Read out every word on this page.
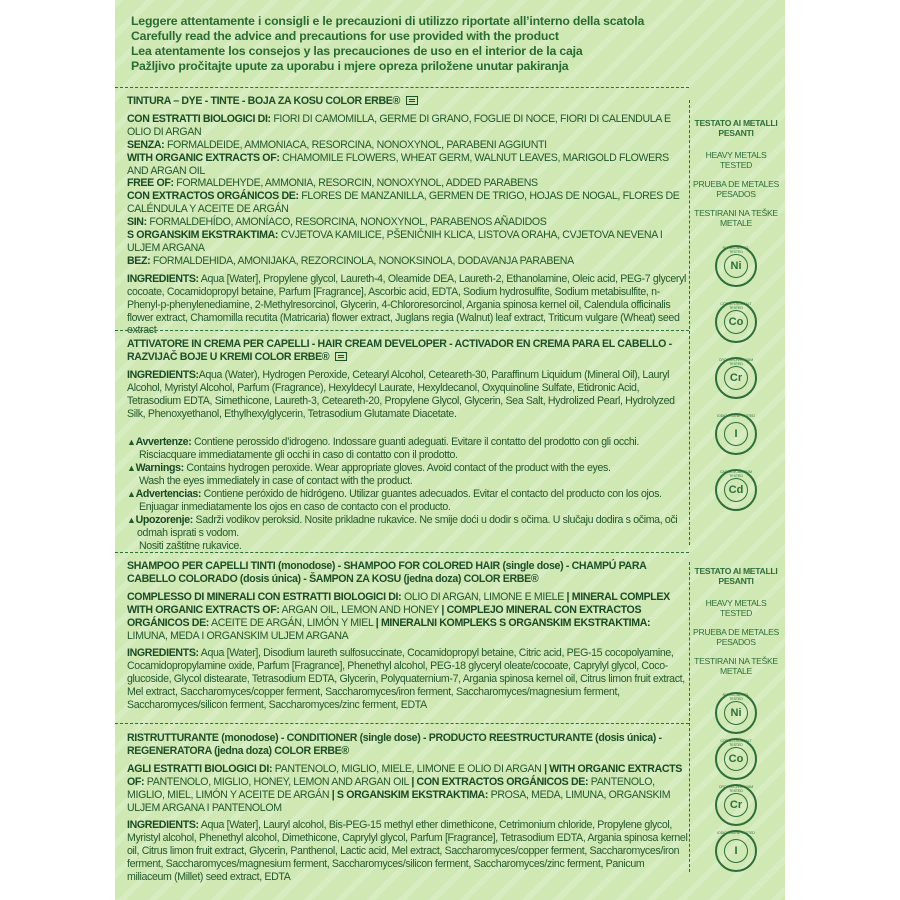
Leggere attentamente i consigli e le precauzioni di utilizzo riportate all’interno della scatola
Carefully read the advice and precautions for use provided with the product
Lea atentamente los consejos y las precauciones de uso en el interior de la caja
Pažljivo pročitajte upute za uporabu i mjere opreza priložene unutar pakiranja

TINTURA – DYE - TINTE - BOJA ZA KOSU COLOR ERBE®

CON ESTRATTI BIOLOGICI DI: FIORI DI CAMOMILLA, GERME DI GRANO, FOGLIE DI NOCE, FIORI DI CALENDULA E OLIO DI ARGAN

SENZA: FORMALDEIDE, AMMONIACA, RESORCINA, NONOXYNOL, PARABENI AGGIUNTI

WITH ORGANIC EXTRACTS OF: CHAMOMILE FLOWERS, WHEAT GERM, WALNUT LEAVES, MARIGOLD FLOWERS AND ARGAN OIL

FREE OF: FORMALDEHYDE, AMMONIA, RESORCIN, NONOXYNOL, ADDED PARABENS

CON EXTRACTOS ORGÁNICOS DE: FLORES DE MANZANILLA, GERMEN DE TRIGO, HOJAS DE NOGAL, FLORES DE CALÉNDULA Y ACEITE DE ARGÁN

SIN: FORMALDEHÍDO, AMONÍACO, RESORCINA, NONOXYNOL, PARABENOS AÑADIDOS

S ORGANSKIM EKSTRAKTIMA: CVJETOVA KAMILICE, PŠENIČNIH KLICA, LISTOVA ORAHA, CVJETOVA NEVENA I ULJEM ARGANA

BEZ: FORMALDEHIDA, AMONIJAKA, REZORCINOLA, NONOKSINOLA, DODAVANJA PARABENA

INGREDIENTS: Aqua [Water], Propylene glycol, Laureth-4, Oleamide DEA, Laureth-2, Ethanolamine, Oleic acid, PEG-7 glyceryl cocoate, Cocamidopropyl betaine, Parfum [Fragrance], Ascorbic acid, EDTA, Sodium hydrosulfite, Sodium metabisulfite, n-Phenyl-p-phenylenediamine, 2-Methylresorcinol, Glycerin, 4-Chlororesorcinol, Argania spinosa kernel oil, Calendula officinalis flower extract, Chamomilla recutita (Matricaria) flower extract, Juglans regia (Walnut) leaf extract, Triticum vulgare (Wheat) seed extract

ATTIVATORE IN CREMA PER CAPELLI - HAIR CREAM DEVELOPER - ACTIVADOR EN CREMA PARA EL CABELLO - RAZVIJAČ BOJE U KREMI COLOR ERBE®

INGREDIENTS:Aqua (Water), Hydrogen Peroxide, Cetearyl Alcohol, Ceteareth-30, Paraffinum Liquidum (Mineral Oil), Lauryl Alcohol, Myristyl Alcohol, Parfum (Fragrance), Hexyldecyl Laurate, Hexyldecanol, Oxyquinoline Sulfate, Etidronic Acid, Tetrasodium EDTA, Simethicone, Laureth-3, Ceteareth-20, Propylene Glycol, Glycerin, Sea Salt, Hydrolized Pearl, Hydrolyzed Silk, Phenoxyethanol, Ethylhexylglycerin, Tetrasodium Glutamate Diacetate.

▲Avvertenze: Contiene perossido d’idrogeno. Indossare guanti adeguati. Evitare il contatto del prodotto con gli occhi.

Risciacquare immediatamente gli occhi in caso di contatto con il prodotto.

▲Warnings: Contains hydrogen peroxide. Wear appropriate gloves. Avoid contact of the product with the eyes.

Wash the eyes immediately in case of contact with the product.

▲Advertencias: Contiene peróxido de hidrógeno. Utilizar guantes adecuados. Evitar el contacto del producto con los ojos.

Enjuagar inmediatamente los ojos en caso de contacto con el producto.

▲Upozorenje: Sadrži vodikov peroksid. Nosite prikladne rukavice. Ne smije doći u dodir s očima. U slučaju dodira s očima, oči odmah isprati s vodom.

Nositi zaštitne rukavice.

SHAMPOO PER CAPELLI TINTI (monodose) - SHAMPOO FOR COLORED HAIR (single dose) - CHAMPÚ PARA CABELLO COLORADO (dosis única) - ŠAMPON ZA KOSU (jedna doza) COLOR ERBE®

COMPLESSO DI MINERALI CON ESTRATTI BIOLOGICI DI: OLIO DI ARGAN, LIMONE E MIELE | MINERAL COMPLEX WITH ORGANIC EXTRACTS OF: ARGAN OIL, LEMON AND HONEY | COMPLEJO MINERAL CON EXTRACTOS ORGÁNICOS DE: ACEITE DE ARGÁN, LIMÓN Y MIEL | MINERALNI KOMPLEKS S ORGANSKIM EKSTRAKTIMA: LIMUNA, MEDA I ORGANSKIM ULJEM ARGANA

INGREDIENTS: Aqua [Water], Disodium laureth sulfosuccinate, Cocamidopropyl betaine, Citric acid, PEG-15 cocopolyamine, Cocamidopropylamine oxide, Parfum [Fragrance], Phenethyl alcohol, PEG-18 glyceryl oleate/cocoate, Caprylyl glycol, Coco-glucoside, Glycol distearate, Tetrasodium EDTA, Glycerin, Polyquaternium-7, Argania spinosa kernel oil, Citrus limon fruit extract, Mel extract, Saccharomyces/copper ferment, Saccharomyces/iron ferment, Saccharomyces/magnesium ferment, Saccharomyces/silicon ferment, Saccharomyces/zinc ferment, EDTA

RISTRUTTURANTE (monodose) - CONDITIONER (single dose) - PRODUCTO REESTRUCTURANTE (dosis única) - REGENERATORA (jedna doza) COLOR ERBE®

AGLI ESTRATTI BIOLOGICI DI: PANTENOLO, MIGLIO, MIELE, LIMONE E OLIO DI ARGAN | WITH ORGANIC EXTRACTS OF: PANTENOLO, MIGLIO, HONEY, LEMON AND ARGAN OIL | CON EXTRACTOS ORGÁNICOS DE: PANTENOLO, MIGLIO, MIEL, LIMÓN Y ACEITE DE ARGÁN | S ORGANSKIM EKSTRAKTIMA: PROSA, MEDA, LIMUNA, ORGANSKIM ULJEM ARGANA I PANTENOLOM

INGREDIENTS: Aqua [Water], Lauryl alcohol, Bis-PEG-15 methyl ether dimethicone, Cetrimonium chloride, Propylene glycol, Myristyl alcohol, Phenethyl alcohol, Dimethicone, Caprylyl glycol, Parfum [Fragrance], Tetrasodium EDTA, Argania spinosa kernel oil, Citrus limon fruit extract, Glycerin, Panthenol, Lactic acid, Mel extract, Saccharomyces/copper ferment, Saccharomyces/iron ferment, Saccharomyces/magnesium ferment, Saccharomyces/silicon ferment, Saccharomyces/zinc ferment, Panicum miliaceum (Millet) seed extract, EDTA

TESTATO AI METALLI PESANTI
HEAVY METALS TESTED
PRUEBA DE METALES PESADOS
TESTIRANI NA TEŠKE METALE
NICHEL•NICKEL TESTED
Ni
COBALTO•COBALT TESTED
Co
CROMO•CHROMIUM TESTED
Cr
IODIO•IODINE TESTED
I
CADMIO•CADMIUM TESTED
Cd
TESTATO AI METALLI PESANTI
HEAVY METALS TESTED
PRUEBA DE METALES PESADOS
TESTIRANI NA TEŠKE METALE
NICHEL•NICKEL TESTED
Ni
COBALTO•COBALT TESTED
Co
CROMO•CHROMIUM TESTED
Cr
IODIO•IODINE TESTED
I
